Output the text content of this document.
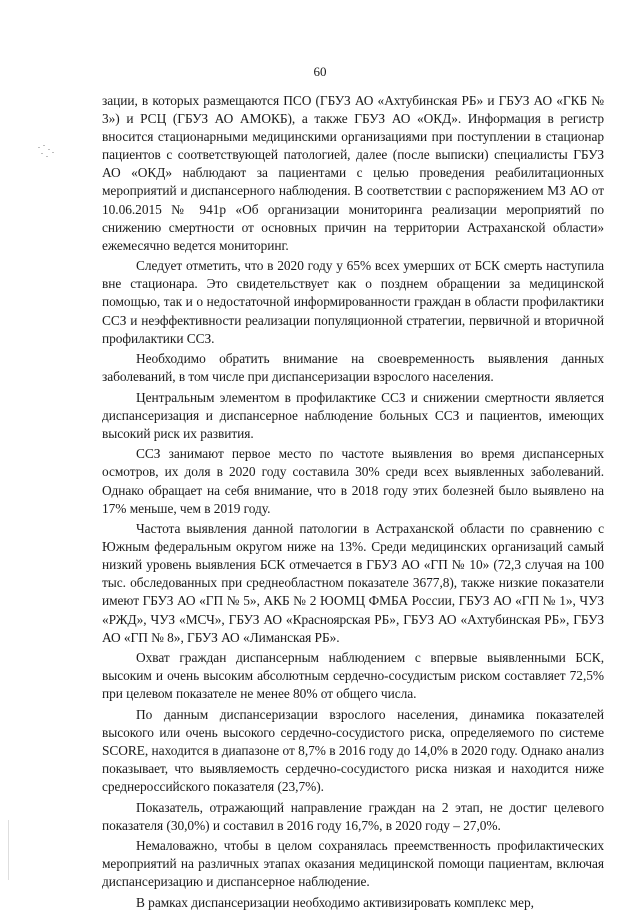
60

зации, в которых размещаются ПСО (ГБУЗ АО «Ахтубинская РБ» и ГБУЗ АО «ГКБ № 3») и РСЦ (ГБУЗ АО АМОКБ), а также ГБУЗ АО «ОКД». Информация в регистр вносится стационарными медицинскими организациями при поступлении в стационар пациентов с соответствующей патологией, далее (после выписки) специалисты ГБУЗ АО «ОКД» наблюдают за пациентами с целью проведения реабилитационных мероприятий и диспансерного наблюдения. В соответствии с распоряжением МЗ АО от 10.06.2015 № 941р «Об организации мониторинга реализации мероприятий по снижению смертности от основных причин на территории Астраханской области» ежемесячно ведется мониторинг.

Следует отметить, что в 2020 году у 65% всех умерших от БСК смерть наступила вне стационара. Это свидетельствует как о позднем обращении за медицинской помощью, так и о недостаточной информированности граждан в области профилактики ССЗ и неэффективности реализации популяционной стратегии, первичной и вторичной профилактики ССЗ.

Необходимо обратить внимание на своевременность выявления данных заболеваний, в том числе при диспансеризации взрослого населения.

Центральным элементом в профилактике ССЗ и снижении смертности является диспансеризация и диспансерное наблюдение больных ССЗ и пациентов, имеющих высокий риск их развития.

ССЗ занимают первое место по частоте выявления во время диспансерных осмотров, их доля в 2020 году составила 30% среди всех выявленных заболеваний. Однако обращает на себя внимание, что в 2018 году этих болезней было выявлено на 17% меньше, чем в 2019 году.

Частота выявления данной патологии в Астраханской области по сравнению с Южным федеральным округом ниже на 13%. Среди медицинских организаций самый низкий уровень выявления БСК отмечается в ГБУЗ АО «ГП № 10» (72,3 случая на 100 тыс. обследованных при среднеобластном показателе 3677,8), также низкие показатели имеют ГБУЗ АО «ГП № 5», АКБ № 2 ЮОМЦ ФМБА России, ГБУЗ АО «ГП № 1», ЧУЗ «РЖД», ЧУЗ «МСЧ», ГБУЗ АО «Красноярская РБ», ГБУЗ АО «Ахтубинская РБ», ГБУЗ АО «ГП № 8», ГБУЗ АО «Лиманская РБ».

Охват граждан диспансерным наблюдением с впервые выявленными БСК, высоким и очень высоким абсолютным сердечно-сосудистым риском составляет 72,5% при целевом показателе не менее 80% от общего числа.

По данным диспансеризации взрослого населения, динамика показателей высокого или очень высокого сердечно-сосудистого риска, определяемого по системе SCORE, находится в диапазоне от 8,7% в 2016 году до 14,0% в 2020 году. Однако анализ показывает, что выявляемость сердечно-сосудистого риска низкая и находится ниже среднероссийского показателя (23,7%).

Показатель, отражающий направление граждан на 2 этап, не достиг целевого показателя (30,0%) и составил в 2016 году 16,7%, в 2020 году – 27,0%.

Немаловажно, чтобы в целом сохранялась преемственность профилактических мероприятий на различных этапах оказания медицинской помощи пациентам, включая диспансеризацию и диспансерное наблюдение.

В рамках диспансеризации необходимо активизировать комплекс мер,
